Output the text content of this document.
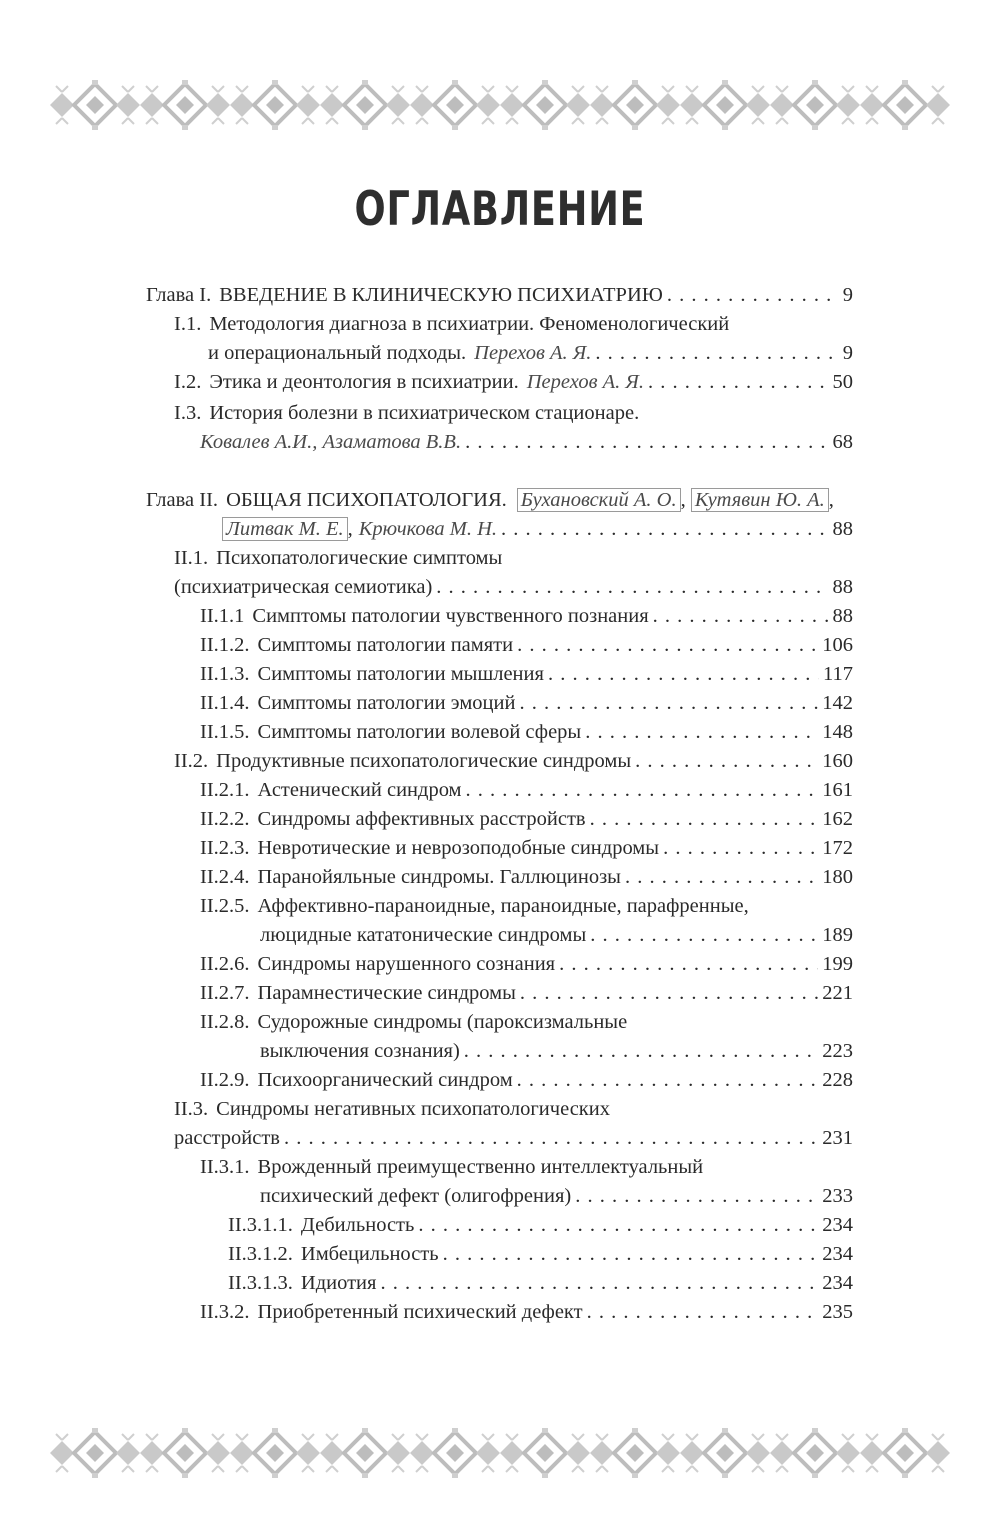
ОГЛАВЛЕНИЕ
Глава I. ВВЕДЕНИЕ В КЛИНИЧЕСКУЮ ПСИХИАТРИЮ . . .	9
I.1. Методология диагноза в психиатрии. Феноменологический
и операциональный подходы. Перехов А. Я. . . .	9
I.2. Этика и деонтология в психиатрии. Перехов А. Я. . . .	50
I.3. История болезни в психиатрическом стационаре.
Ковалев А.И., Азаматова В.В. . . .	68
Глава II. ОБЩАЯ ПСИХОПАТОЛОГИЯ. Бухановский А. О. , Кутявин Ю. А. ,
Литвак М. Е. , Крючкова М. Н. . . .	88
II.1. Психопатологические симптомы
(психиатрическая семиотика) . . .	88
II.1.1 Симптомы патологии чувственного познания . . .	88
II.1.2. Симптомы патологии памяти . . .	106
II.1.3. Симптомы патологии мышления . . .	117
II.1.4. Симптомы патологии эмоций . . .	142
II.1.5. Симптомы патологии волевой сферы . . .	148
II.2. Продуктивные психопатологические синдромы . . .	160
II.2.1. Астенический синдром . . .	161
II.2.2. Синдромы аффективных расстройств . . .	162
II.2.3. Невротические и неврозоподобные синдромы . . .	172
II.2.4. Паранойяльные синдромы. Галлюцинозы . . .	180
II.2.5. Аффективно-параноидные, параноидные, парафренные,
люцидные кататонические синдромы . . .	189
II.2.6. Синдромы нарушенного сознания . . .	199
II.2.7. Парамнестические синдромы . . .	221
II.2.8. Судорожные синдромы (пароксизмальные
выключения сознания) . . .	223
II.2.9. Психоорганический синдром . . .	228
II.3. Синдромы негативных психопатологических
расстройств . . .	231
II.3.1. Врожденный преимущественно интеллектуальный
психический дефект (олигофрения) . . .	233
II.3.1.1. Дебильность . . .	234
II.3.1.2. Имбецильность . . .	234
II.3.1.3. Идиотия . . .	234
II.3.2. Приобретенный психический дефект . . .	235
